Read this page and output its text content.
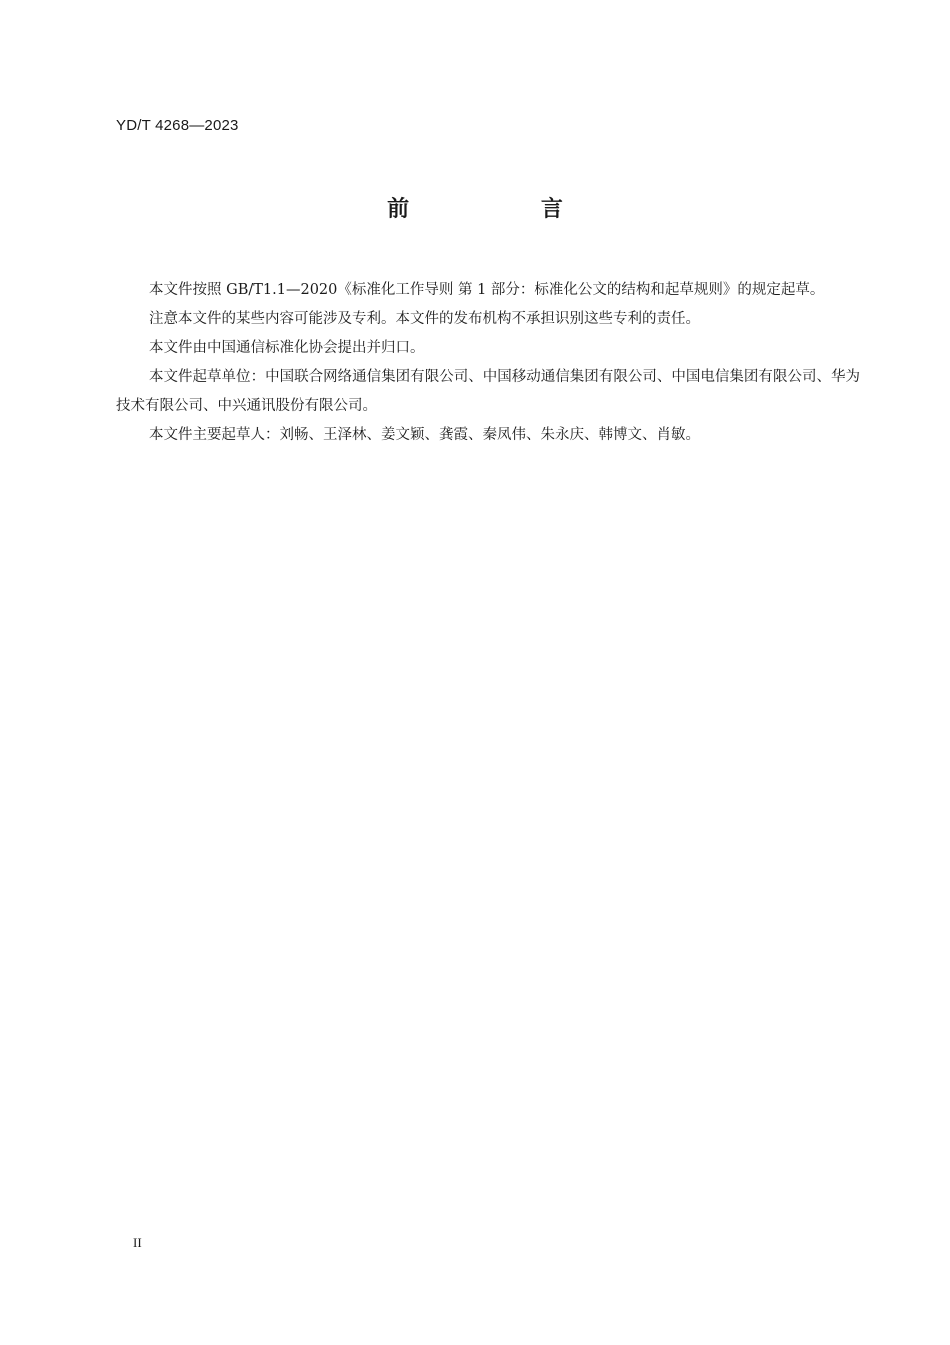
YD/T 4268—2023
前 言

本文件按照 GB/T1.1—2020《标准化工作导则 第 1 部分：标准化公文的结构和起草规则》的规定起草。

注意本文件的某些内容可能涉及专利。本文件的发布机构不承担识别这些专利的责任。

本文件由中国通信标准化协会提出并归口。

本文件起草单位：中国联合网络通信集团有限公司、中国移动通信集团有限公司、中国电信集团有限公司、华为技术有限公司、中兴通讯股份有限公司。

本文件主要起草人：刘畅、王泽林、姜文颖、龚霞、秦凤伟、朱永庆、韩博文、肖敏。

II
